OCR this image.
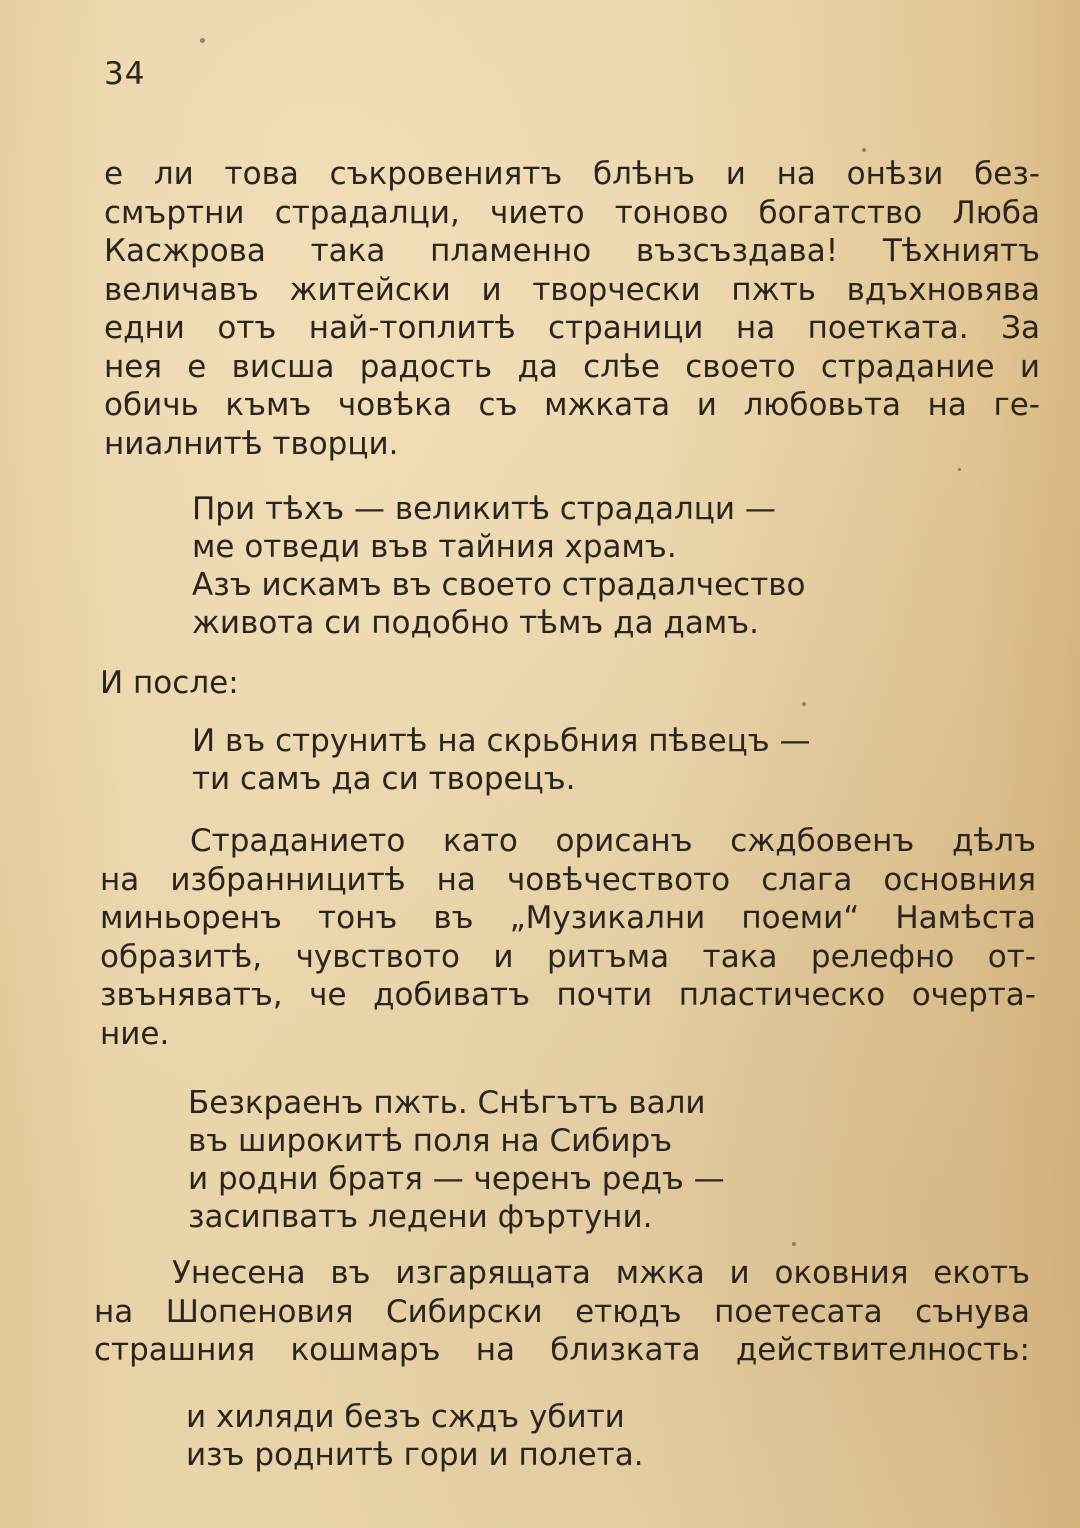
34
е ли това съкровениятъ блѣнъ и на онѣзи без-
смъртни страдалци, чието тоново богатство Люба
Касжрова така пламенно възсъздава! Тѣхниятъ
величавъ житейски и творчески пжть вдъхновява
едни отъ най-топлитѣ страници на поетката. За
нея е висша радость да слѣе своето страдание и
обичь къмъ човѣка съ мжката и любовьта на ге-
ниалнитѣ творци.
При тѣхъ — великитѣ страдалци —
ме отведи във тайния храмъ.
Азъ искамъ въ своето страдалчество
живота си подобно тѣмъ да дамъ.
И после:
И въ струнитѣ на скрьбния пѣвецъ —
ти самъ да си творецъ.
Страданието като орисанъ сждбовенъ дѣлъ
на избранницитѣ на човѣчеството слага основния
миньоренъ тонъ въ „Музикални поеми“ Намѣста
образитѣ, чувството и ритъма така релефно от-
звъняватъ, че добиватъ почти пластическо очерта-
ние.
Безкраенъ пжть. Снѣгътъ вали
въ широкитѣ поля на Сибиръ
и родни братя — черенъ редъ —
засипватъ ледени фъртуни.
Унесена въ изгарящата мжка и оковния екотъ
на Шопеновия Сибирски етюдъ поетесата сънува
страшния кошмаръ на близката действителность:
и хиляди безъ сждъ убити
изъ роднитѣ гори и полета.
